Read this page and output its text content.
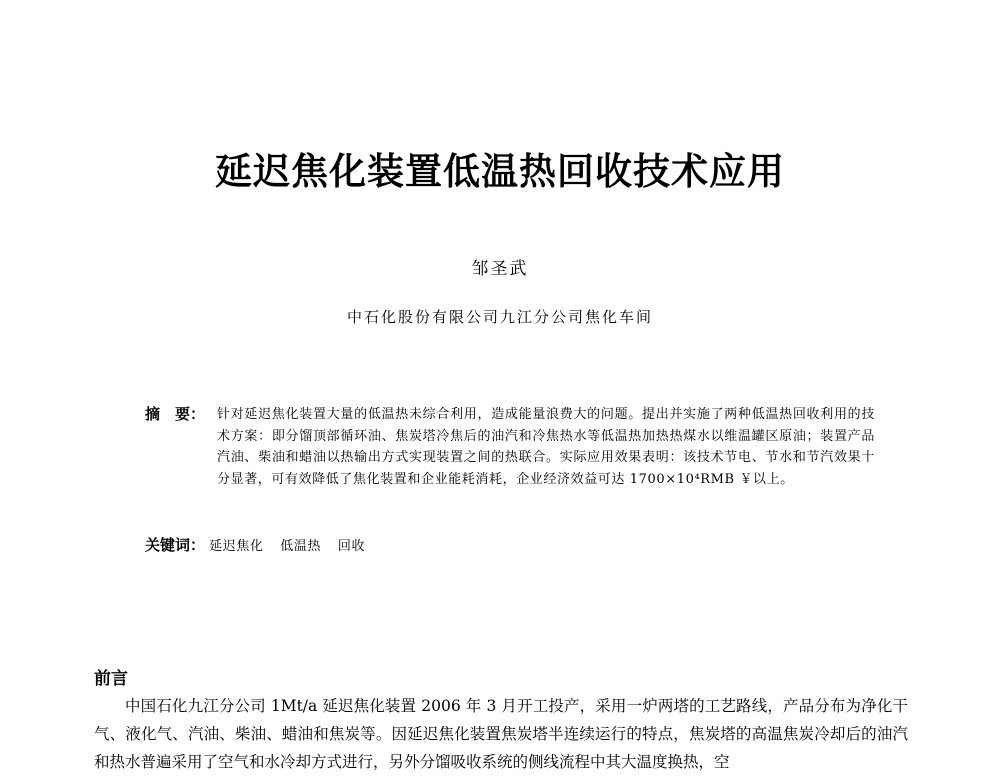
延迟焦化装置低温热回收技术应用
邹圣武
中石化股份有限公司九江分公司焦化车间
摘　要： 针对延迟焦化装置大量的低温热未综合利用，造成能量浪费大的问题。提出并实施了两种低温热回收利用的技术方案：即分馏顶部循环油、焦炭塔冷焦后的油汽和冷焦热水等低温热加热热煤水以维温罐区原油；装置产品汽油、柴油和蜡油以热输出方式实现装置之间的热联合。实际应用效果表明：该技术节电、节水和节汽效果十分显著，可有效降低了焦化装置和企业能耗消耗，企业经济效益可达 1700×10⁴RMB ￥以上。
关键词： 延迟焦化 低温热 回收
前言
中国石化九江分公司 1Mt/a 延迟焦化装置 2006 年 3 月开工投产，采用一炉两塔的工艺路线，产品分布为净化干气、液化气、汽油、柴油、蜡油和焦炭等。因延迟焦化装置焦炭塔半连续运行的特点，焦炭塔的高温焦炭冷却后的油汽和热水普遍采用了空气和水冷却方式进行，另外分馏吸收系统的侧线流程中其大温度换热，空
